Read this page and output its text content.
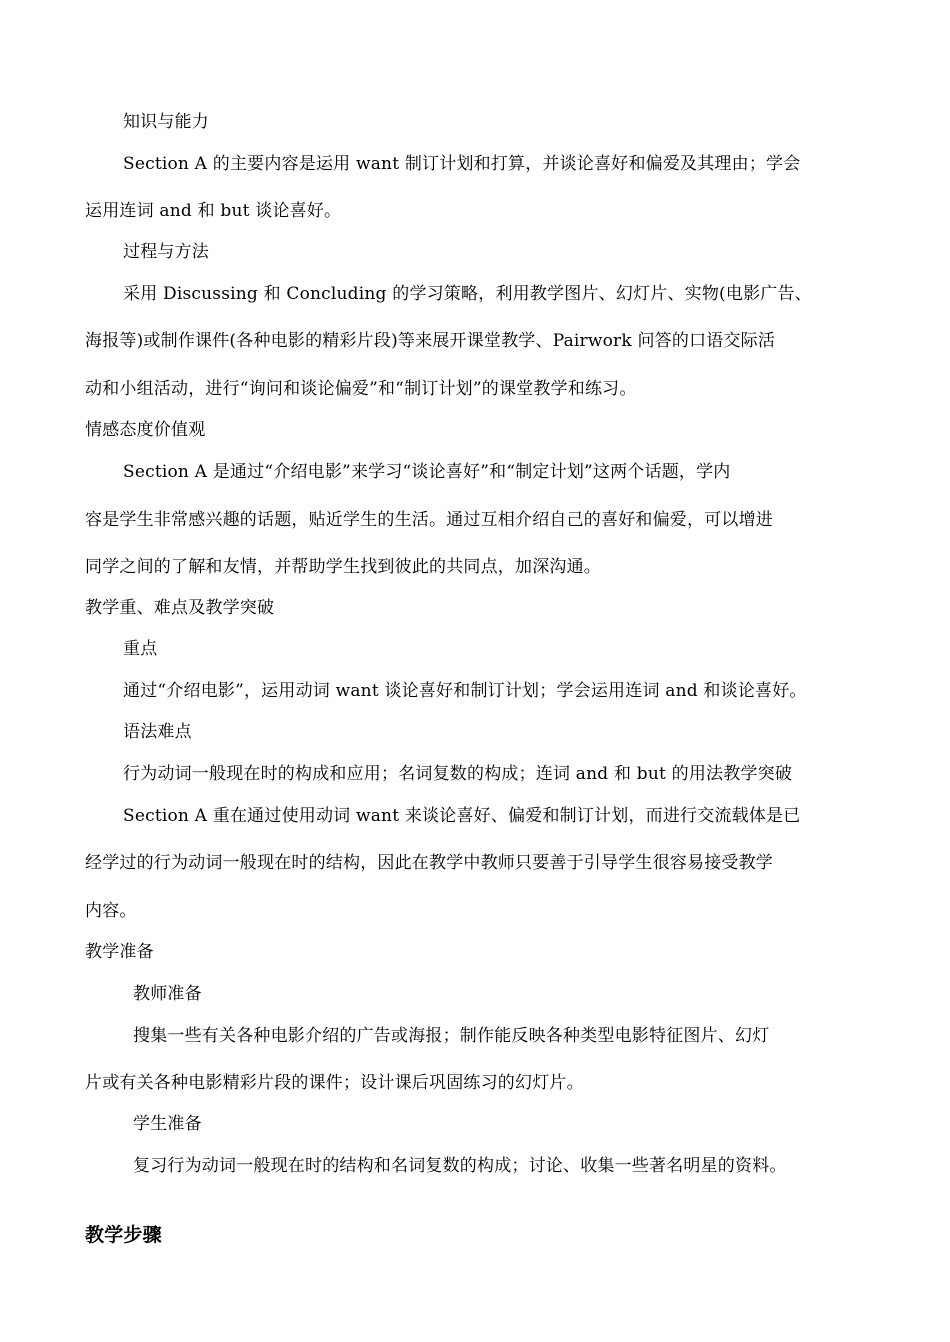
知识与能力
Section A 的主要内容是运用 want 制订计划和打算，并谈论喜好和偏爱及其理由；学会
运用连词 and 和 but 谈论喜好。
过程与方法
采用 Discussing 和 Concluding 的学习策略，利用教学图片、幻灯片、实物(电影广告、
海报等)或制作课件(各种电影的精彩片段)等来展开课堂教学、Pairwork 问答的口语交际活
动和小组活动，进行“询问和谈论偏爱”和“制订计划”的课堂教学和练习。
情感态度价值观
Section A 是通过“介绍电影”来学习“谈论喜好”和“制定计划”这两个话题，学内
容是学生非常感兴趣的话题，贴近学生的生活。通过互相介绍自己的喜好和偏爱，可以增进
同学之间的了解和友情，并帮助学生找到彼此的共同点，加深沟通。
教学重、难点及教学突破
重点
通过“介绍电影”，运用动词 want 谈论喜好和制订计划；学会运用连词 and 和谈论喜好。
语法难点
行为动词一般现在时的构成和应用；名词复数的构成；连词 and 和 but 的用法教学突破
Section A 重在通过使用动词 want 来谈论喜好、偏爱和制订计划，而进行交流载体是已
经学过的行为动词一般现在时的结构，因此在教学中教师只要善于引导学生很容易接受教学
内容。
教学准备
教师准备
搜集一些有关各种电影介绍的广告或海报；制作能反映各种类型电影特征图片、幻灯
片或有关各种电影精彩片段的课件；设计课后巩固练习的幻灯片。
学生准备
复习行为动词一般现在时的结构和名词复数的构成；讨论、收集一些著名明星的资料。
教学步骤
